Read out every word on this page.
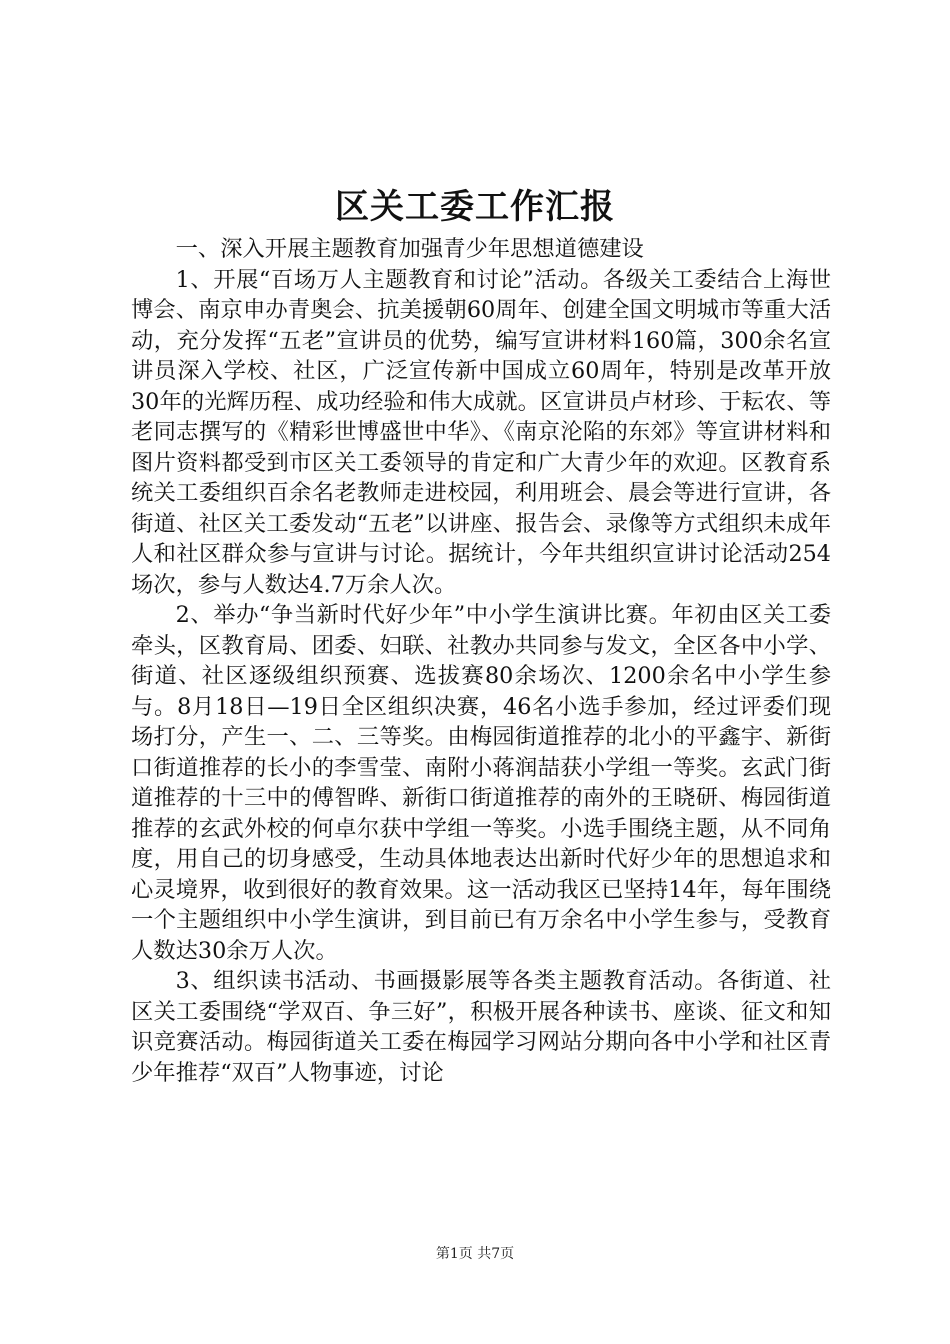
区关工委工作汇报

一、深入开展主题教育加强青少年思想道德建设

1、开展“百场万人主题教育和讨论”活动。各级关工委结合上海世博会、南京申办青奥会、抗美援朝60周年、创建全国文明城市等重大活动，充分发挥“五老”宣讲员的优势，编写宣讲材料160篇，300余名宣讲员深入学校、社区，广泛宣传新中国成立60周年，特别是改革开放30年的光辉历程、成功经验和伟大成就。区宣讲员卢材珍、于耘农、等老同志撰写的《精彩世博盛世中华》、《南京沦陷的东郊》等宣讲材料和图片资料都受到市区关工委领导的肯定和广大青少年的欢迎。区教育系统关工委组织百余名老教师走进校园，利用班会、晨会等进行宣讲，各街道、社区关工委发动“五老”以讲座、报告会、录像等方式组织未成年人和社区群众参与宣讲与讨论。据统计，今年共组织宣讲讨论活动254场次，参与人数达4.7万余人次。

2、举办“争当新时代好少年”中小学生演讲比赛。年初由区关工委牵头，区教育局、团委、妇联、社教办共同参与发文，全区各中小学、街道、社区逐级组织预赛、选拔赛80余场次、1200余名中小学生参与。8月18日—19日全区组织决赛，46名小选手参加，经过评委们现场打分，产生一、二、三等奖。由梅园街道推荐的北小的平鑫宇、新街口街道推荐的长小的李雪莹、南附小蒋润喆获小学组一等奖。玄武门街道推荐的十三中的傅智晔、新街口街道推荐的南外的王晓研、梅园街道推荐的玄武外校的何卓尔获中学组一等奖。小选手围绕主题，从不同角度，用自己的切身感受，生动具体地表达出新时代好少年的思想追求和心灵境界，收到很好的教育效果。这一活动我区已坚持14年，每年围绕一个主题组织中小学生演讲，到目前已有万余名中小学生参与，受教育人数达30余万人次。

3、组织读书活动、书画摄影展等各类主题教育活动。各街道、社区关工委围绕“学双百、争三好”，积极开展各种读书、座谈、征文和知识竞赛活动。梅园街道关工委在梅园学习网站分期向各中小学和社区青少年推荐“双百”人物事迹，讨论

第1页 共7页
